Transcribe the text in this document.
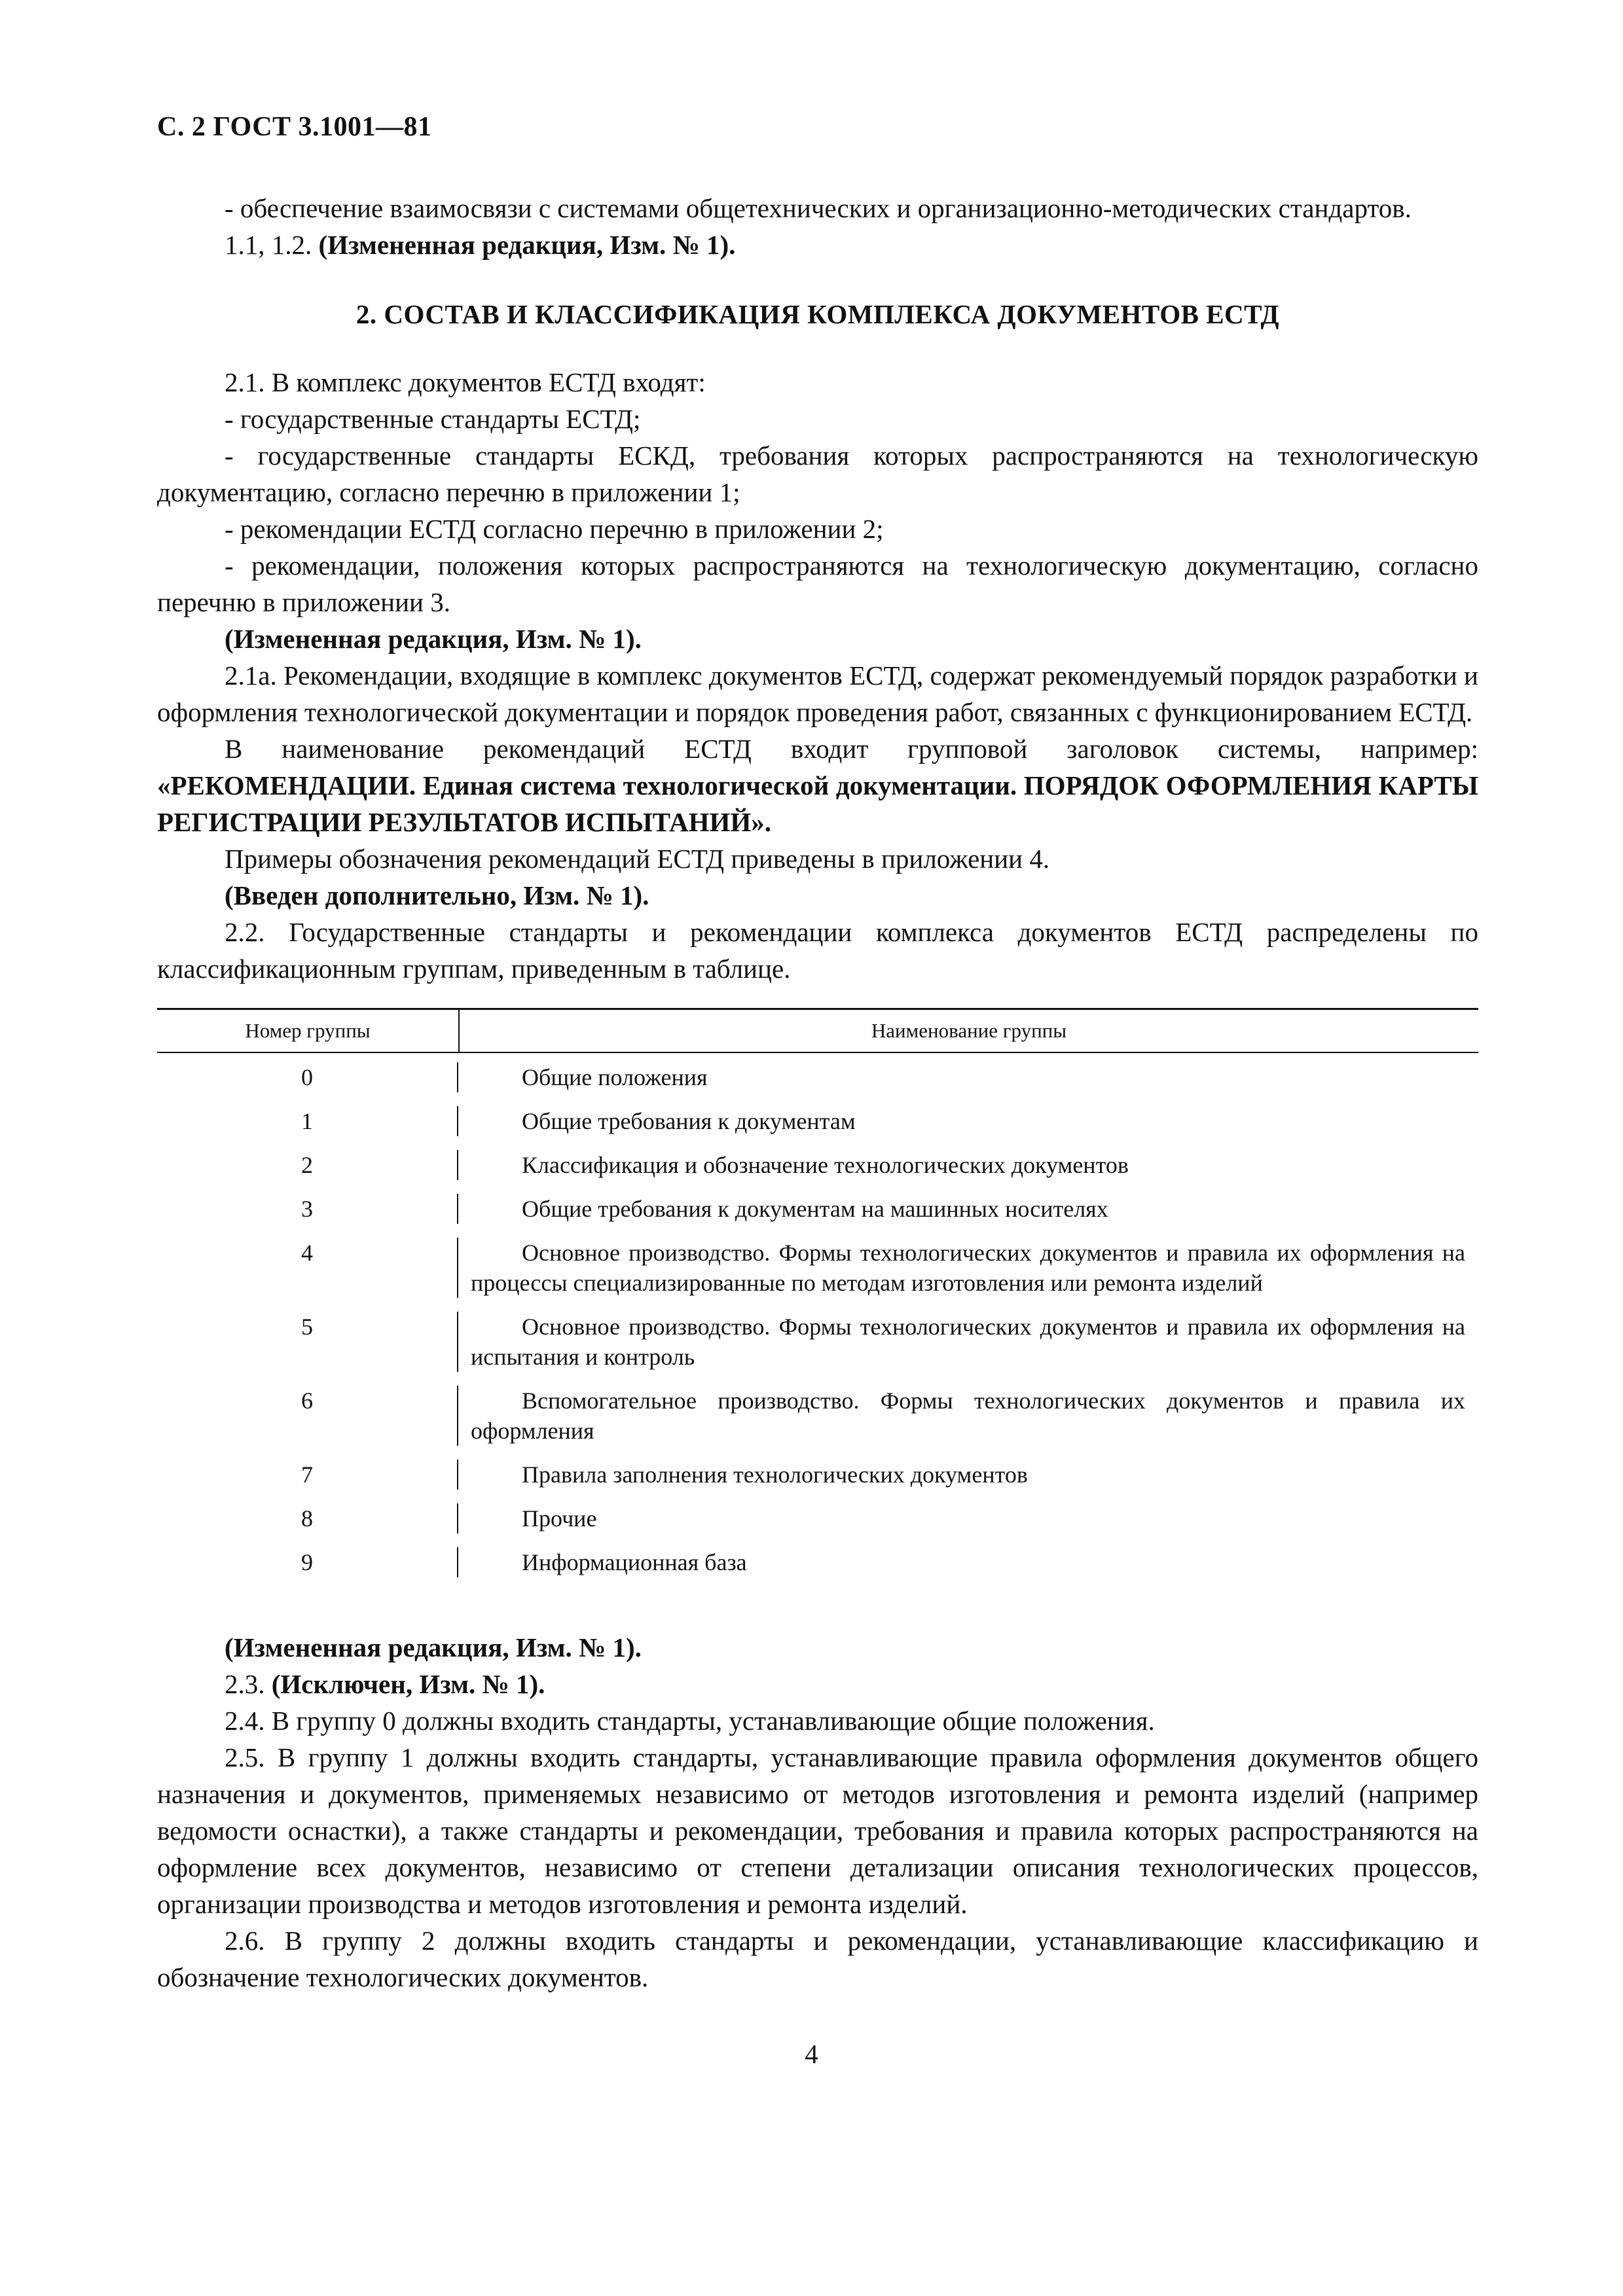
С. 2 ГОСТ 3.1001—81

- обеспечение взаимосвязи с системами общетехнических и организационно-методических стандартов.

1.1, 1.2. (Измененная редакция, Изм. № 1).

2. СОСТАВ И КЛАССИФИКАЦИЯ КОМПЛЕКСА ДОКУМЕНТОВ ЕСТД

2.1. В комплекс документов ЕСТД входят:

- государственные стандарты ЕСТД;

- государственные стандарты ЕСКД, требования которых распространяются на технологическую документацию, согласно перечню в приложении 1;

- рекомендации ЕСТД согласно перечню в приложении 2;

- рекомендации, положения которых распространяются на технологическую документацию, согласно перечню в приложении 3.

(Измененная редакция, Изм. № 1).

2.1а. Рекомендации, входящие в комплекс документов ЕСТД, содержат рекомендуемый порядок разработки и оформления технологической документации и порядок проведения работ, связанных с функционированием ЕСТД.

В наименование рекомендаций ЕСТД входит групповой заголовок системы, например: «РЕКОМЕНДАЦИИ. Единая система технологической документации. ПОРЯДОК ОФОРМЛЕНИЯ КАРТЫ РЕГИСТРАЦИИ РЕЗУЛЬТАТОВ ИСПЫТАНИЙ».

Примеры обозначения рекомендаций ЕСТД приведены в приложении 4.

(Введен дополнительно, Изм. № 1).

2.2. Государственные стандарты и рекомендации комплекса документов ЕСТД распределены по классификационным группам, приведенным в таблице.

Номер группы	Наименование группы
0	Общие положения
1	Общие требования к документам
2	Классификация и обозначение технологических документов
3	Общие требования к документам на машинных носителях
4	Основное производство. Формы технологических документов и правила их оформления на процессы специализированные по методам изготовления или ремонта изделий
5	Основное производство. Формы технологических документов и правила их оформления на испытания и контроль
6	Вспомогательное производство. Формы технологических документов и правила их оформления
7	Правила заполнения технологических документов
8	Прочие
9	Информационная база

(Измененная редакция, Изм. № 1).

2.3. (Исключен, Изм. № 1).

2.4. В группу 0 должны входить стандарты, устанавливающие общие положения.

2.5. В группу 1 должны входить стандарты, устанавливающие правила оформления документов общего назначения и документов, применяемых независимо от методов изготовления и ремонта изделий (например ведомости оснастки), а также стандарты и рекомендации, требования и правила которых распространяются на оформление всех документов, независимо от степени детализации описания технологических процессов, организации производства и методов изготовления и ремонта изделий.

2.6. В группу 2 должны входить стандарты и рекомендации, устанавливающие классификацию и обозначение технологических документов.

4
